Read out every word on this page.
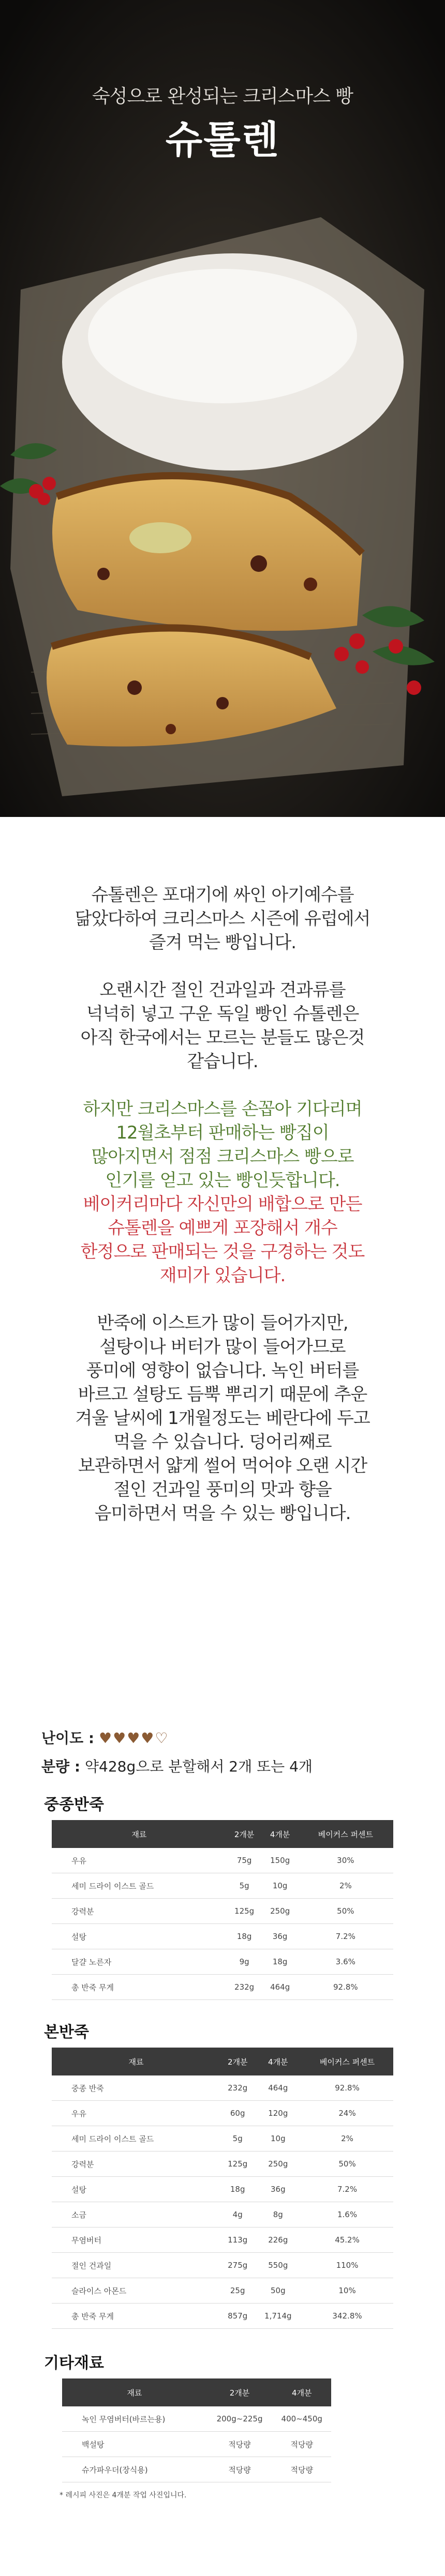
숙성으로 완성되는 크리스마스 빵
슈톨렌

슈톨렌은 포대기에 싸인 아기예수를

닮았다하여 크리스마스 시즌에 유럽에서

즐겨 먹는 빵입니다.

오랜시간 절인 건과일과 견과류를

넉넉히 넣고 구운 독일 빵인 슈톨렌은

아직 한국에서는 모르는 분들도 많은것

같습니다.

하지만 크리스마스를 손꼽아 기다리며

12월초부터 판매하는 빵집이

많아지면서 점점 크리스마스 빵으로

인기를 얻고 있는 빵인듯합니다.

베이커리마다 자신만의 배합으로 만든

슈톨렌을 예쁘게 포장해서 개수

한정으로 판매되는 것을 구경하는 것도

재미가 있습니다.

반죽에 이스트가 많이 들어가지만,

설탕이나 버터가 많이 들어가므로

풍미에 영향이 없습니다. 녹인 버터를

바르고 설탕도 듬뿍 뿌리기 때문에 추운

겨울 날씨에 1개월정도는 베란다에 두고

먹을 수 있습니다. 덩어리째로

보관하면서 얇게 썰어 먹어야 오랜 시간

절인 건과일 풍미의 맛과 향을

음미하면서 먹을 수 있는 빵입니다.

난이도 : ♥♥♥♥♡
분량 : 약428g으로 분할해서 2개 또는 4개
중종반죽
재료	2개분	4개분	베이커스 퍼센트
우유	75g	150g	30%
세미 드라이 이스트 골드	5g	10g	2%
강력분	125g	250g	50%
설탕	18g	36g	7.2%
달걀 노른자	9g	18g	3.6%
총 반죽 무게	232g	464g	92.8%
본반죽
재료	2개분	4개분	베이커스 퍼센트
중종 반죽	232g	464g	92.8%
우유	60g	120g	24%
세미 드라이 이스트 골드	5g	10g	2%
강력분	125g	250g	50%
설탕	18g	36g	7.2%
소금	4g	8g	1.6%
무염버터	113g	226g	45.2%
절인 건과일	275g	550g	110%
슬라이스 아몬드	25g	50g	10%
총 반죽 무게	857g	1,714g	342.8%
기타재료
재료	2개분	4개분
녹인 무염버터(바르는용)	200g~225g	400~450g
백설탕	적당량	적당량
슈가파우더(장식용)	적당량	적당량
* 레시피 사진은 4개분 작업 사진입니다.
